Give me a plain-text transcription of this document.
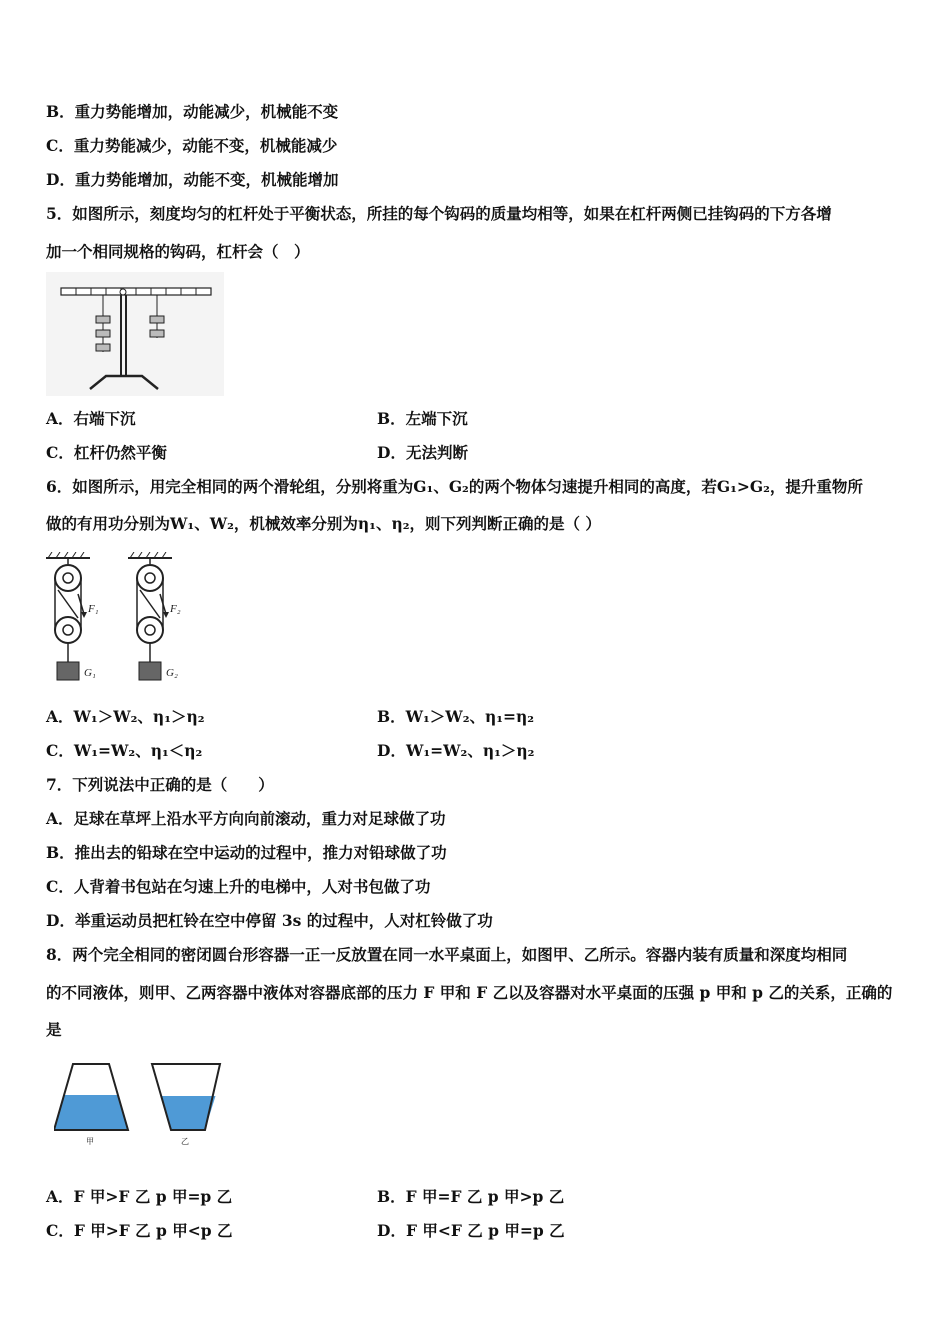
B．重力势能增加，动能减少，机械能不变
C．重力势能减少，动能不变，机械能减少
D．重力势能增加，动能不变，机械能增加
5．如图所示，刻度均匀的杠杆处于平衡状态，所挂的每个钩码的质量均相等，如果在杠杆两侧已挂钩码的下方各增
加一个相同规格的钩码，杠杆会（　）
A．右端下沉	B．左端下沉
C．杠杆仍然平衡	D．无法判断
6．如图所示，用完全相同的两个滑轮组，分别将重为G₁、G₂的两个物体匀速提升相同的高度，若G₁>G₂，提升重物所
做的有用功分别为W₁、W₂，机械效率分别为η₁、η₂，则下列判断正确的是（ ）
F₁
G₁
F₂
G₂
A．W₁＞W₂、η₁＞η₂	B．W₁＞W₂、η₁=η₂
C．W₁=W₂、η₁＜η₂	D．W₁=W₂、η₁＞η₂
7．下列说法中正确的是（　　）
A．足球在草坪上沿水平方向向前滚动，重力对足球做了功
B．推出去的铅球在空中运动的过程中，推力对铅球做了功
C．人背着书包站在匀速上升的电梯中，人对书包做了功
D．举重运动员把杠铃在空中停留 3s 的过程中，人对杠铃做了功
8．两个完全相同的密闭圆台形容器一正一反放置在同一水平桌面上，如图甲、乙所示。容器内装有质量和深度均相同
的不同液体，则甲、乙两容器中液体对容器底部的压力 F 甲和 F 乙以及容器对水平桌面的压强 p 甲和 p 乙的关系，正确的
是
甲	乙
A．F 甲>F 乙 p 甲=p 乙	B．F 甲=F 乙 p 甲>p 乙
C．F 甲>F 乙 p 甲<p 乙	D．F 甲<F 乙 p 甲=p 乙
